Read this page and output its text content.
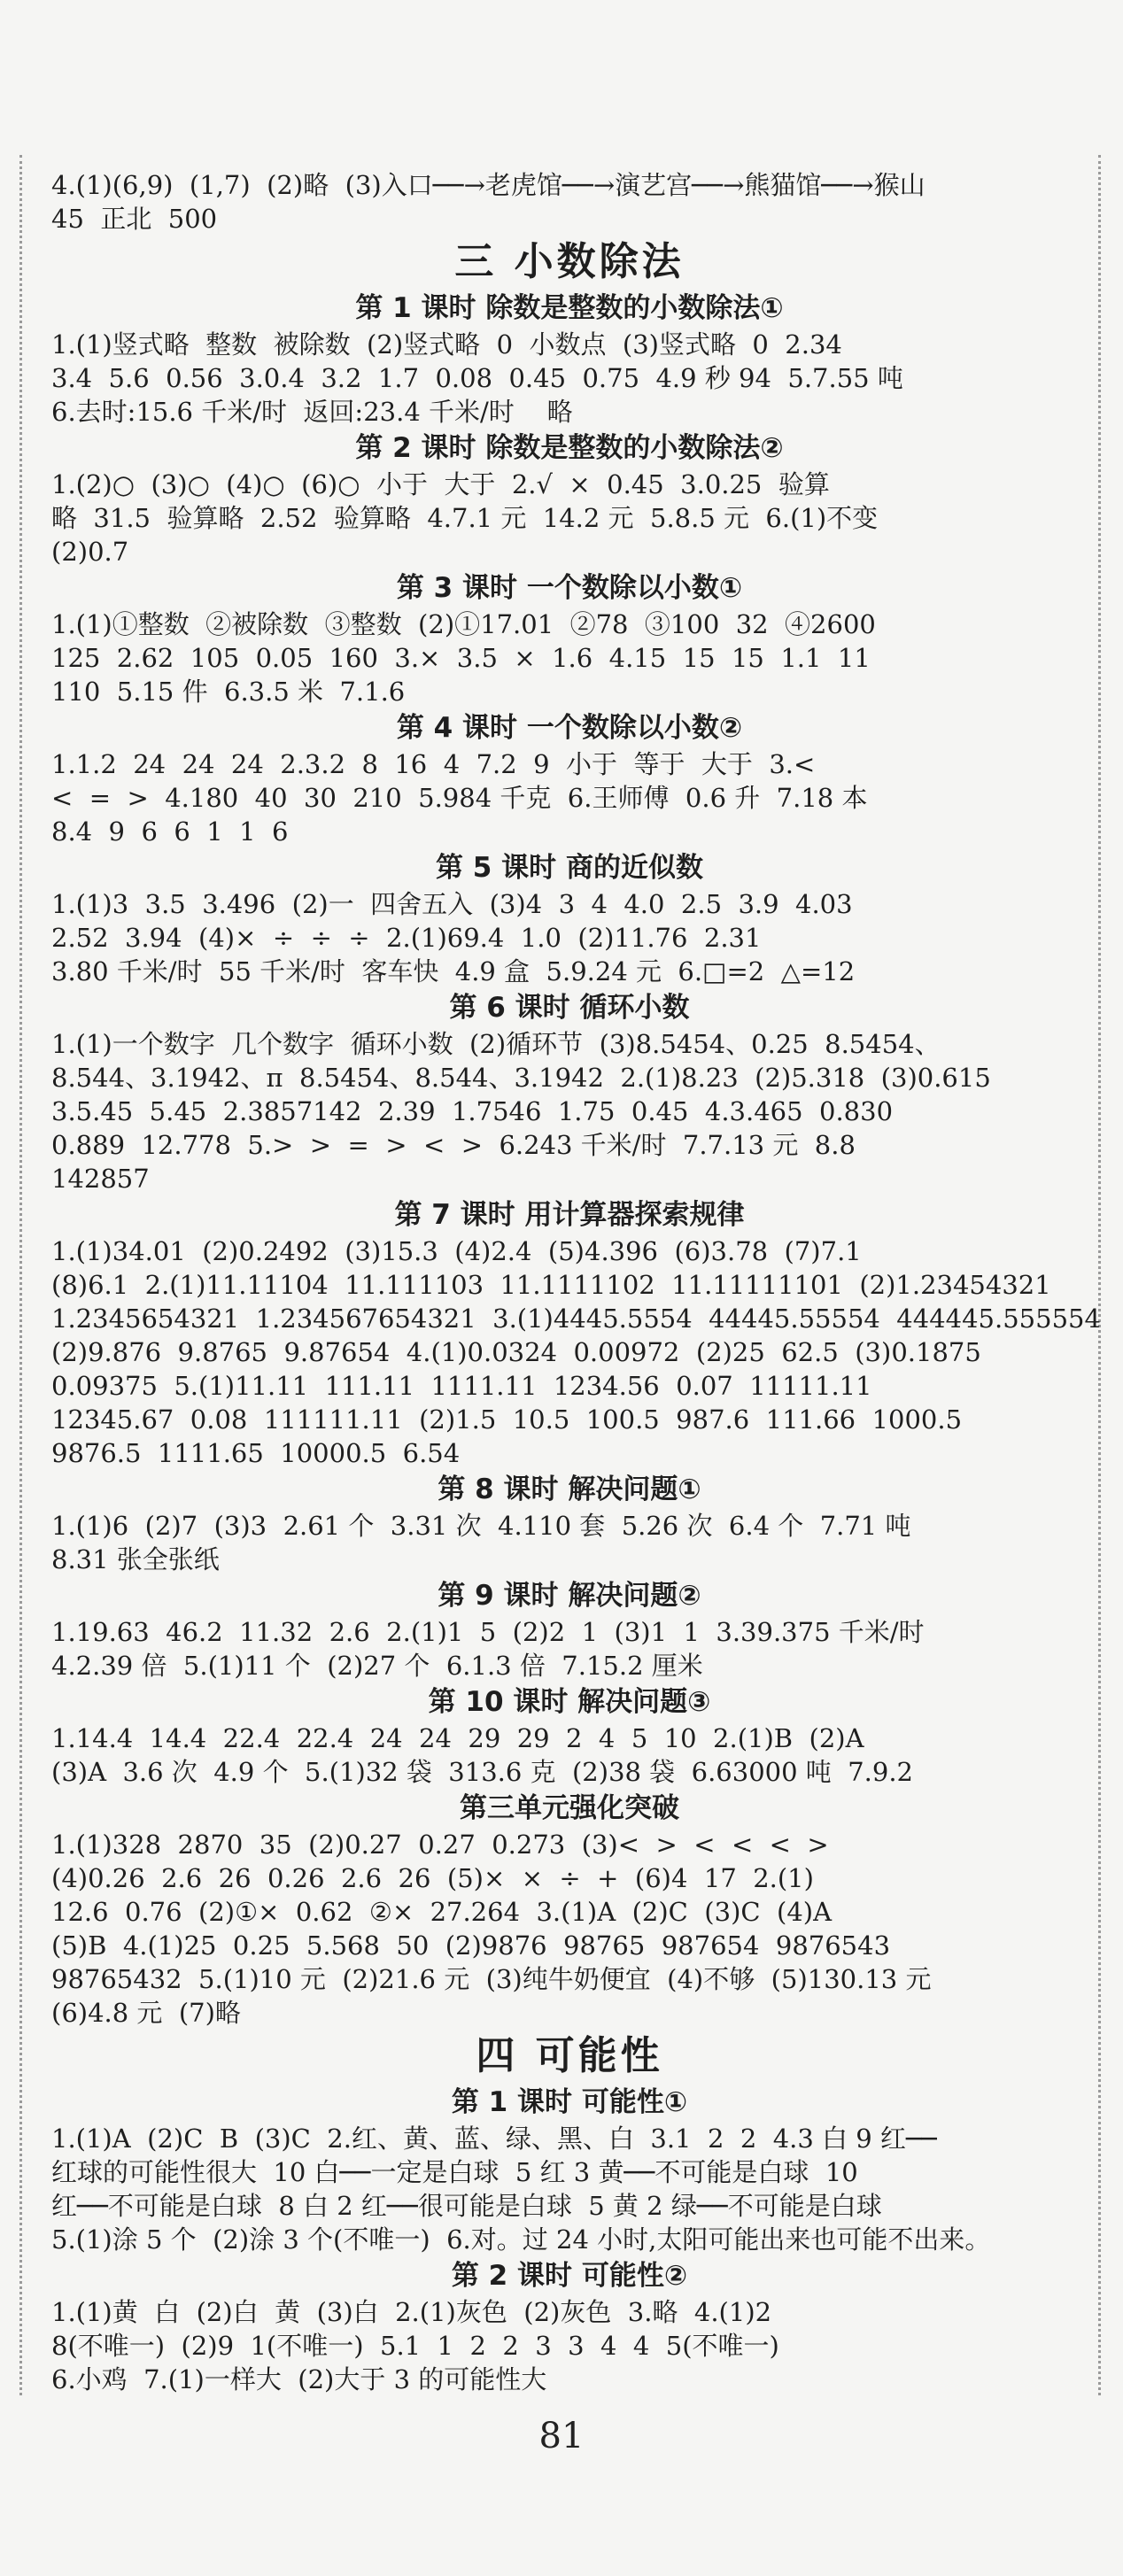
4.(1)(6,9)  (1,7)  (2)略  (3)入口──→老虎馆──→演艺宫──→熊猫馆──→猴山
45  正北  500
三 小数除法
第 1 课时 除数是整数的小数除法①
1.(1)竖式略  整数  被除数  (2)竖式略  0  小数点  (3)竖式略  0  2.34
3.4  5.6  0.56  3.0.4  3.2  1.7  0.08  0.45  0.75  4.9 秒 94  5.7.55 吨
6.去时:15.6 千米/时  返回:23.4 千米/时    略
第 2 课时 除数是整数的小数除法②
1.(2)○  (3)○  (4)○  (6)○  小于  大于  2.√  ×  0.45  3.0.25  验算
略  31.5  验算略  2.52  验算略  4.7.1 元  14.2 元  5.8.5 元  6.(1)不变
(2)0.7
第 3 课时 一个数除以小数①
1.(1)①整数  ②被除数  ③整数  (2)①17.01  ②78  ③100  32  ④2600
125  2.62  105  0.05  160  3.×  3.5  ×  1.6  4.15  15  15  1.1  11
110  5.15 件  6.3.5 米  7.1.6
第 4 课时 一个数除以小数②
1.1.2  24  24  24  2.3.2  8  16  4  7.2  9  小于  等于  大于  3.<
<  =  >  4.180  40  30  210  5.984 千克  6.王师傅  0.6 升  7.18 本
8.4  9  6  6  1  1  6
第 5 课时 商的近似数
1.(1)3  3.5  3.496  (2)一  四舍五入  (3)4  3  4  4.0  2.5  3.9  4.03
2.52  3.94  (4)×  ÷  ÷  ÷  2.(1)69.4  1.0  (2)11.76  2.31
3.80 千米/时  55 千米/时  客车快  4.9 盒  5.9.24 元  6.□=2  △=12
第 6 课时 循环小数
1.(1)一个数字  几个数字  循环小数  (2)循环节  (3)8.5454、0.25  8.5454、
8.544、3.1942、π  8.5454、8.544、3.1942  2.(1)8.23  (2)5.318  (3)0.615
3.5.45  5.45  2.3857142  2.39  1.7546  1.75  0.45  4.3.465  0.830
0.889  12.778  5.>  >  =  >  <  >  6.243 千米/时  7.7.13 元  8.8
142857
第 7 课时 用计算器探索规律
1.(1)34.01  (2)0.2492  (3)15.3  (4)2.4  (5)4.396  (6)3.78  (7)7.1
(8)6.1  2.(1)11.11104  11.111103  11.1111102  11.11111101  (2)1.23454321
1.2345654321  1.234567654321  3.(1)4445.5554  44445.55554  444445.555554
(2)9.876  9.8765  9.87654  4.(1)0.0324  0.00972  (2)25  62.5  (3)0.1875
0.09375  5.(1)11.11  111.11  1111.11  1234.56  0.07  11111.11
12345.67  0.08  111111.11  (2)1.5  10.5  100.5  987.6  111.66  1000.5
9876.5  1111.65  10000.5  6.54
第 8 课时 解决问题①
1.(1)6  (2)7  (3)3  2.61 个  3.31 次  4.110 套  5.26 次  6.4 个  7.71 吨
8.31 张全张纸
第 9 课时 解决问题②
1.19.63  46.2  11.32  2.6  2.(1)1  5  (2)2  1  (3)1  1  3.39.375 千米/时
4.2.39 倍  5.(1)11 个  (2)27 个  6.1.3 倍  7.15.2 厘米
第 10 课时 解决问题③
1.14.4  14.4  22.4  22.4  24  24  29  29  2  4  5  10  2.(1)B  (2)A
(3)A  3.6 次  4.9 个  5.(1)32 袋  313.6 克  (2)38 袋  6.63000 吨  7.9.2
第三单元强化突破
1.(1)328  2870  35  (2)0.27  0.27  0.273  (3)<  >  <  <  <  >
(4)0.26  2.6  26  0.26  2.6  26  (5)×  ×  ÷  +  (6)4  17  2.(1)
12.6  0.76  (2)①×  0.62  ②×  27.264  3.(1)A  (2)C  (3)C  (4)A
(5)B  4.(1)25  0.25  5.568  50  (2)9876  98765  987654  9876543
98765432  5.(1)10 元  (2)21.6 元  (3)纯牛奶便宜  (4)不够  (5)130.13 元
(6)4.8 元  (7)略
四 可能性
第 1 课时 可能性①
1.(1)A  (2)C  B  (3)C  2.红、黄、蓝、绿、黑、白  3.1  2  2  4.3 白 9 红──
红球的可能性很大  10 白──一定是白球  5 红 3 黄──不可能是白球  10
红──不可能是白球  8 白 2 红──很可能是白球  5 黄 2 绿──不可能是白球
5.(1)涂 5 个  (2)涂 3 个(不唯一)  6.对。过 24 小时,太阳可能出来也可能不出来。
第 2 课时 可能性②
1.(1)黄  白  (2)白  黄  (3)白  2.(1)灰色  (2)灰色  3.略  4.(1)2
8(不唯一)  (2)9  1(不唯一)  5.1  1  2  2  3  3  4  4  5(不唯一)
6.小鸡  7.(1)一样大  (2)大于 3 的可能性大
81
